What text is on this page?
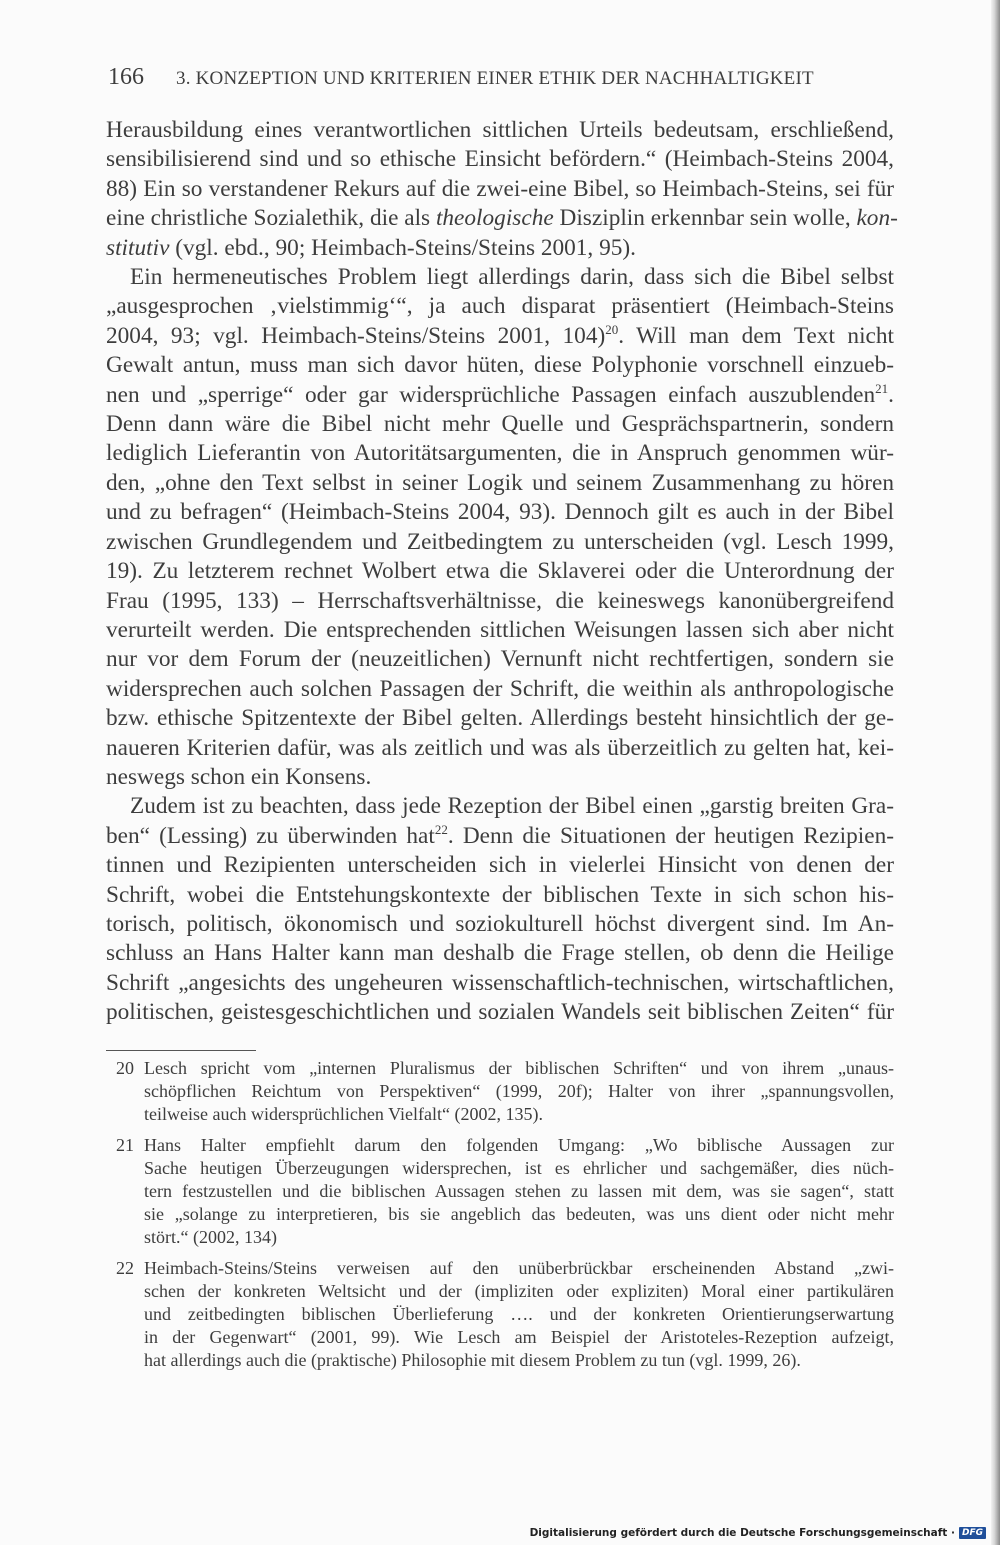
166 3. KONZEPTION UND KRITERIEN EINER ETHIK DER NACHHALTIGKEIT

Herausbildung eines verantwortlichen sittlichen Urteils bedeutsam, erschließend,
sensibilisierend sind und so ethische Einsicht befördern.“ (Heimbach-Steins 2004,
88) Ein so verstandener Rekurs auf die zwei-eine Bibel, so Heimbach-Steins, sei für
eine christliche Sozialethik, die als theologische Disziplin erkennbar sein wolle, kon-
stitutiv (vgl. ebd., 90; Heimbach-Steins/Steins 2001, 95).

Ein hermeneutisches Problem liegt allerdings darin, dass sich die Bibel selbst
„ausgesprochen ‚vielstimmig‘“, ja auch disparat präsentiert (Heimbach-Steins
2004, 93; vgl. Heimbach-Steins/Steins 2001, 104)$^{20}$. Will man dem Text nicht
Gewalt antun, muss man sich davor hüten, diese Polyphonie vorschnell einzueb-
nen und „sperrige“ oder gar widersprüchliche Passagen einfach auszublenden$^{21}$.
Denn dann wäre die Bibel nicht mehr Quelle und Gesprächspartnerin, sondern
lediglich Lieferantin von Autoritätsargumenten, die in Anspruch genommen wür-
den, „ohne den Text selbst in seiner Logik und seinem Zusammenhang zu hören
und zu befragen“ (Heimbach-Steins 2004, 93). Dennoch gilt es auch in der Bibel
zwischen Grundlegendem und Zeitbedingtem zu unterscheiden (vgl. Lesch 1999,
19). Zu letzterem rechnet Wolbert etwa die Sklaverei oder die Unterordnung der
Frau (1995, 133) – Herrschaftsverhältnisse, die keineswegs kanonübergreifend
verurteilt werden. Die entsprechenden sittlichen Weisungen lassen sich aber nicht
nur vor dem Forum der (neuzeitlichen) Vernunft nicht rechtfertigen, sondern sie
widersprechen auch solchen Passagen der Schrift, die weithin als anthropologische
bzw. ethische Spitzentexte der Bibel gelten. Allerdings besteht hinsichtlich der ge-
naueren Kriterien dafür, was als zeitlich und was als überzeitlich zu gelten hat, kei-
neswegs schon ein Konsens.

Zudem ist zu beachten, dass jede Rezeption der Bibel einen „garstig breiten Gra-
ben“ (Lessing) zu überwinden hat$^{22}$. Denn die Situationen der heutigen Rezipien-
tinnen und Rezipienten unterscheiden sich in vielerlei Hinsicht von denen der
Schrift, wobei die Entstehungskontexte der biblischen Texte in sich schon his-
torisch, politisch, ökonomisch und soziokulturell höchst divergent sind. Im An-
schluss an Hans Halter kann man deshalb die Frage stellen, ob denn die Heilige
Schrift „angesichts des ungeheuren wissenschaftlich-technischen, wirtschaftlichen,
politischen, geistesgeschichtlichen und sozialen Wandels seit biblischen Zeiten“ für

20 Lesch spricht vom „internen Pluralismus der biblischen Schriften“ und von ihrem „unaus-
schöpflichen Reichtum von Perspektiven“ (1999, 20f); Halter von ihrer „spannungsvollen,
teilweise auch widersprüchlichen Vielfalt“ (2002, 135).
21 Hans Halter empfiehlt darum den folgenden Umgang: „Wo biblische Aussagen zur
Sache heutigen Überzeugungen widersprechen, ist es ehrlicher und sachgemäßer, dies nüch-
tern festzustellen und die biblischen Aussagen stehen zu lassen mit dem, was sie sagen“, statt
sie „solange zu interpretieren, bis sie angeblich das bedeuten, was uns dient oder nicht mehr
stört.“ (2002, 134)
22 Heimbach-Steins/Steins verweisen auf den unüberbrückbar erscheinenden Abstand „zwi-
schen der konkreten Weltsicht und der (impliziten oder expliziten) Moral einer partikulären
und zeitbedingten biblischen Überlieferung …. und der konkreten Orientierungserwartung
in der Gegenwart“ (2001, 99). Wie Lesch am Beispiel der Aristoteles-Rezeption aufzeigt,
hat allerdings auch die (praktische) Philosophie mit diesem Problem zu tun (vgl. 1999, 26).
Digitalisierung gefördert durch die Deutsche Forschungsgemeinschaft · DFG
